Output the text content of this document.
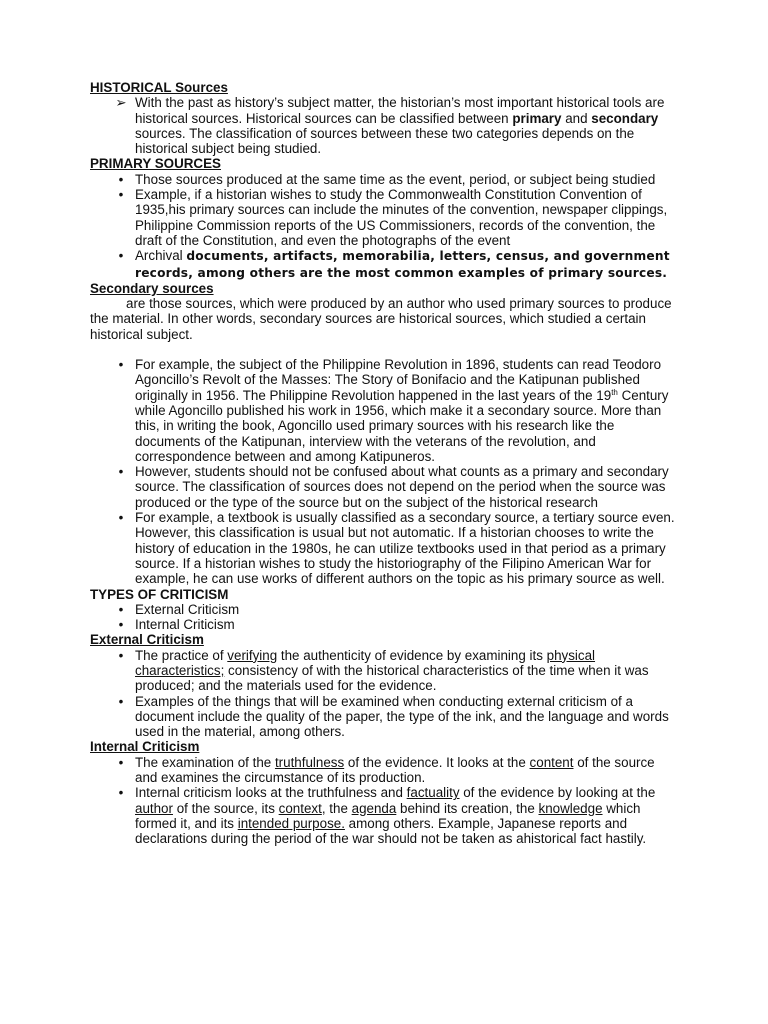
HISTORICAL Sources
➢ With the past as history’s subject matter, the historian’s most important historical tools are historical sources. Historical sources can be classified between primary and secondary sources. The classification of sources between these two categories depends on the historical subject being studied.
PRIMARY SOURCES
• Those sources produced at the same time as the event, period, or subject being studied
• Example, if a historian wishes to study the Commonwealth Constitution Convention of 1935,his primary sources can include the minutes of the convention, newspaper clippings, Philippine Commission reports of the US Commissioners, records of the convention, the draft of the Constitution, and even the photographs of the event
• Archival documents, artifacts, memorabilia, letters, census, and government records, among others are the most common examples of primary sources.
Secondary sources
are those sources, which were produced by an author who used primary sources to produce the material. In other words, secondary sources are historical sources, which studied a certain historical subject.
• For example, the subject of the Philippine Revolution in 1896, students can read Teodoro Agoncillo’s Revolt of the Masses: The Story of Bonifacio and the Katipunan published originally in 1956. The Philippine Revolution happened in the last years of the 19th Century while Agoncillo published his work in 1956, which make it a secondary source. More than this, in writing the book, Agoncillo used primary sources with his research like the documents of the Katipunan, interview with the veterans of the revolution, and correspondence between and among Katipuneros.
• However, students should not be confused about what counts as a primary and secondary source. The classification of sources does not depend on the period when the source was produced or the type of the source but on the subject of the historical research
• For example, a textbook is usually classified as a secondary source, a tertiary source even. However, this classification is usual but not automatic. If a historian chooses to write the history of education in the 1980s, he can utilize textbooks used in that period as a primary source. If a historian wishes to study the historiography of the Filipino American War for example, he can use works of different authors on the topic as his primary source as well.
TYPES OF CRITICISM
• External Criticism
• Internal Criticism
External Criticism
• The practice of verifying the authenticity of evidence by examining its physical characteristics; consistency of with the historical characteristics of the time when it was produced; and the materials used for the evidence.
• Examples of the things that will be examined when conducting external criticism of a document include the quality of the paper, the type of the ink, and the language and words used in the material, among others.
Internal Criticism
• The examination of the truthfulness of the evidence. It looks at the content of the source and examines the circumstance of its production.
• Internal criticism looks at the truthfulness and factuality of the evidence by looking at the author of the source, its context, the agenda behind its creation, the knowledge which formed it, and its intended purpose. among others. Example, Japanese reports and declarations during the period of the war should not be taken as ahistorical fact hastily.
